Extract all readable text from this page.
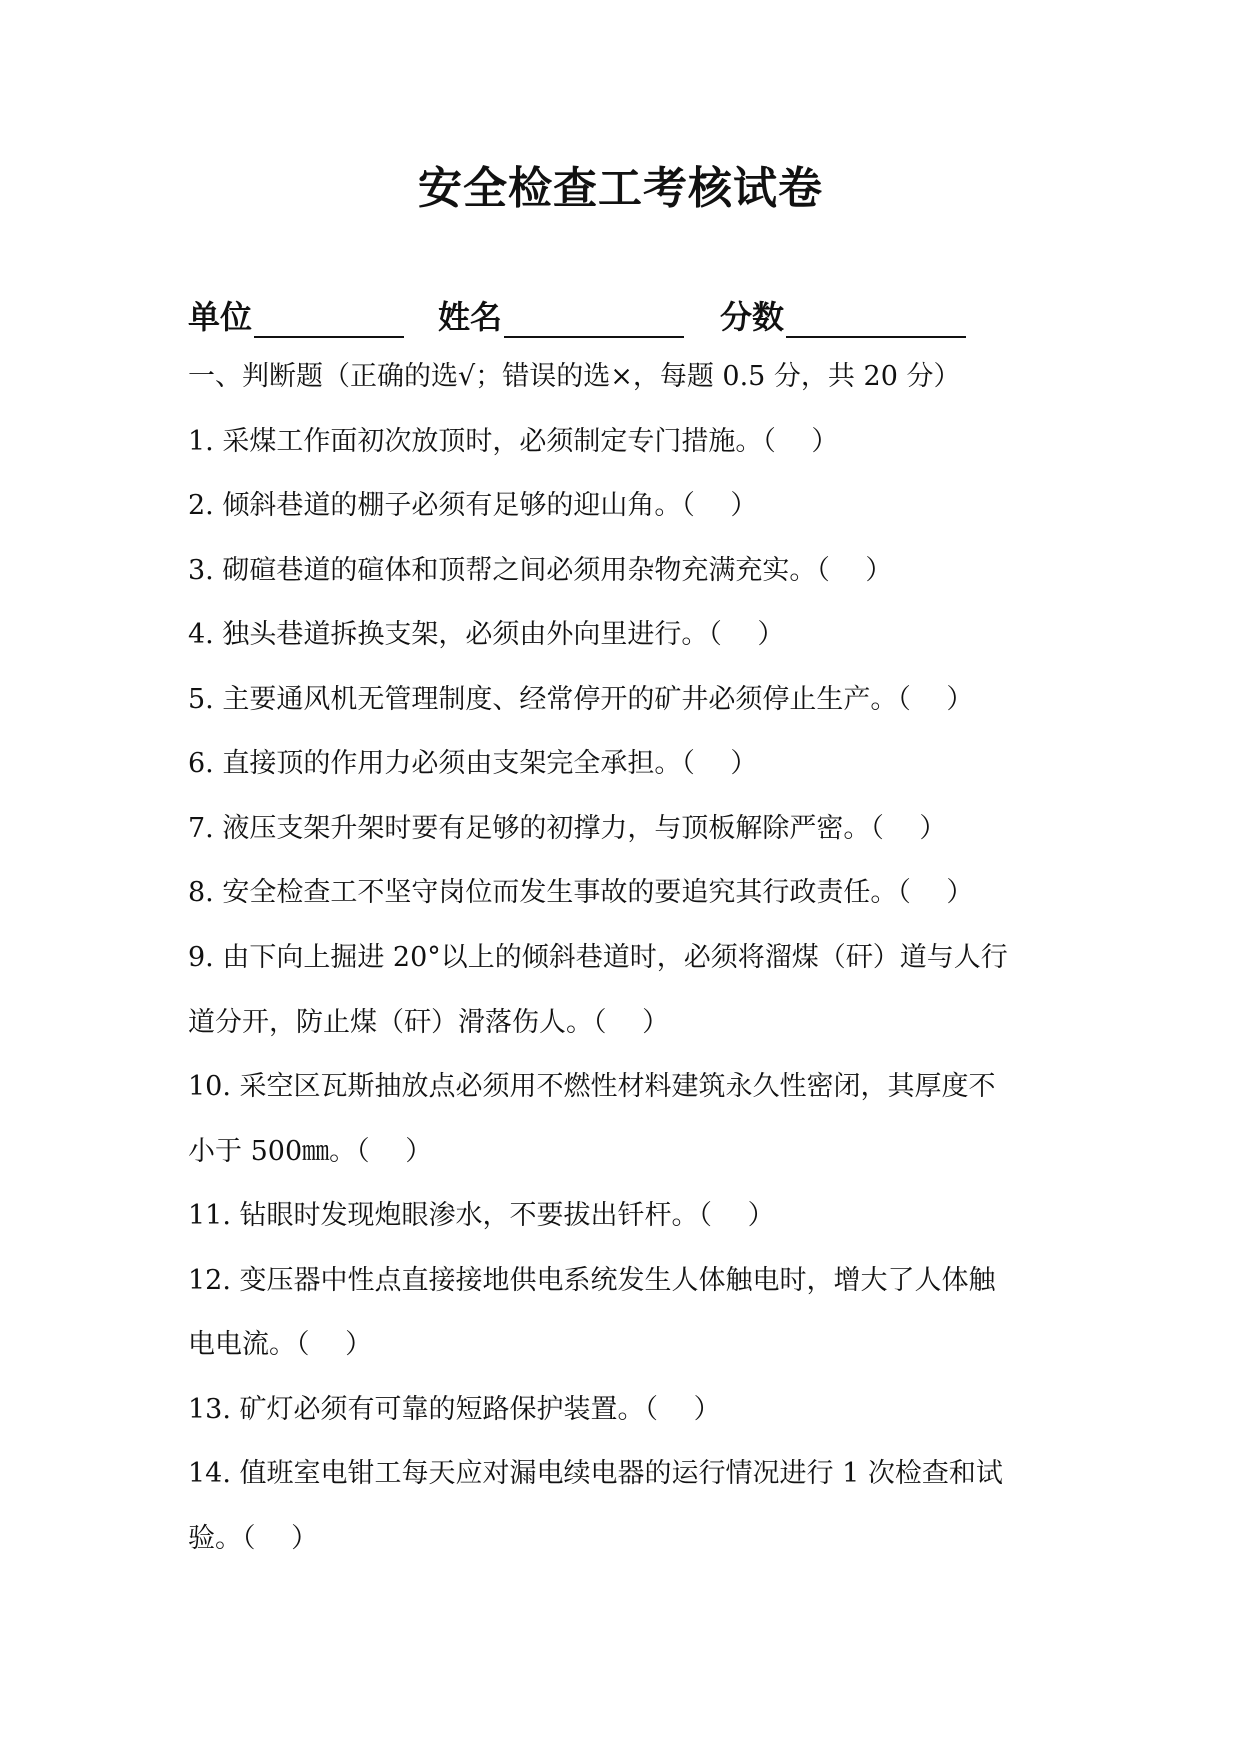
安全检查工考核试卷
单位	姓名	分数
一、判断题（正确的选√；错误的选×，每题 0.5 分，共 20 分）
1. 采煤工作面初次放顶时，必须制定专门措施。（　 ）
2. 倾斜巷道的棚子必须有足够的迎山角。（　 ）
3. 砌碹巷道的碹体和顶帮之间必须用杂物充满充实。（　 ）
4. 独头巷道拆换支架，必须由外向里进行。（　 ）
5. 主要通风机无管理制度、经常停开的矿井必须停止生产。（　 ）
6. 直接顶的作用力必须由支架完全承担。（　 ）
7. 液压支架升架时要有足够的初撑力，与顶板解除严密。（　 ）
8. 安全检查工不坚守岗位而发生事故的要追究其行政责任。（　 ）
9. 由下向上掘进 20°以上的倾斜巷道时，必须将溜煤（矸）道与人行
道分开，防止煤（矸）滑落伤人。（　 ）
10. 采空区瓦斯抽放点必须用不燃性材料建筑永久性密闭，其厚度不
小于 500㎜。（　 ）
11. 钻眼时发现炮眼渗水，不要拔出钎杆。（　 ）
12. 变压器中性点直接接地供电系统发生人体触电时，增大了人体触
电电流。（　 ）
13. 矿灯必须有可靠的短路保护装置。（　 ）
14. 值班室电钳工每天应对漏电续电器的运行情况进行 1 次检查和试
验。（　 ）
